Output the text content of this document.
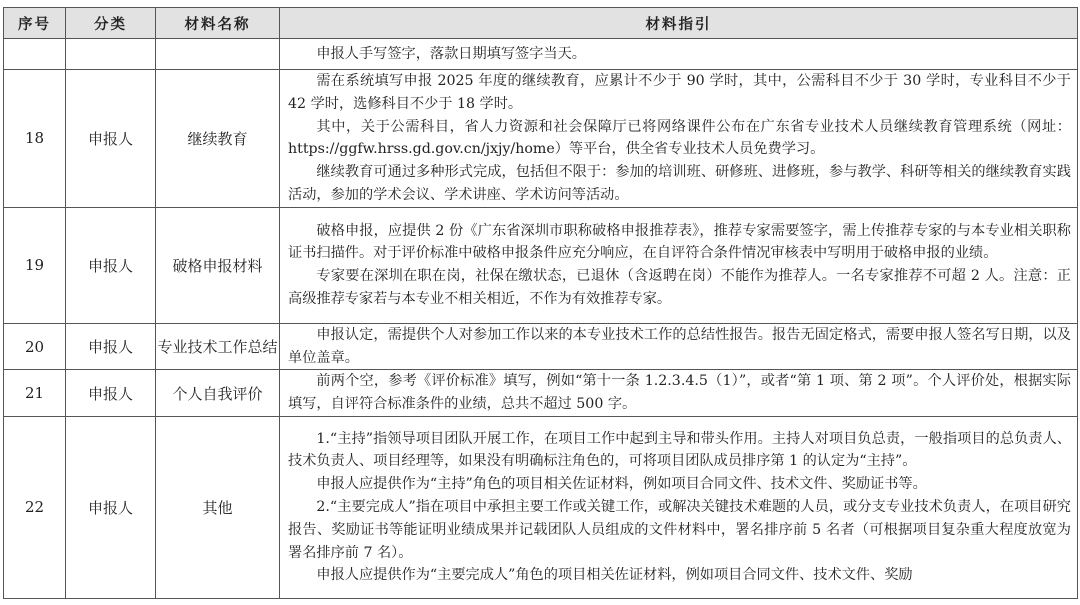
序号	分类	材料名称	材料指引

			申报人手写签字，落款日期填写签字当天。

18	申报人	继续教育	需在系统填写申报 2025 年度的继续教育，应累计不少于 90 学时，其中，公需科目不少于 30 学时，专业科目不少于 42 学时，选修科目不少于 18 学时。

其中，关于公需科目，省人力资源和社会保障厅已将网络课件公布在广东省专业技术人员继续教育管理系统（网址：https://ggfw.hrss.gd.gov.cn/jxjy/home）等平台，供全省专业技术人员免费学习。

继续教育可通过多种形式完成，包括但不限于：参加的培训班、研修班、进修班，参与教学、科研等相关的继续教育实践活动，参加的学术会议、学术讲座、学术访问等活动。

19	申报人	破格申报材料	破格申报，应提供 2 份《广东省深圳市职称破格申报推荐表》，推荐专家需要签字，需上传推荐专家的与本专业相关职称证书扫描件。对于评价标准中破格申报条件应充分响应，在自评符合条件情况审核表中写明用于破格申报的业绩。

专家要在深圳在职在岗，社保在缴状态，已退休（含返聘在岗）不能作为推荐人。一名专家推荐不可超 2 人。注意：正高级推荐专家若与本专业不相关相近，不作为有效推荐专家。

20	申报人	专业技术工作总结	申报认定，需提供个人对参加工作以来的本专业技术工作的总结性报告。报告无固定格式，需要申报人签名写日期，以及单位盖章。

21	申报人	个人自我评价	前两个空，参考《评价标准》填写，例如“第十一条 1.2.3.4.5（1）”，或者“第 1 项、第 2 项”。个人评价处，根据实际填写，自评符合标准条件的业绩，总共不超过 500 字。

22	申报人	其他	1.“主持”指领导项目团队开展工作，在项目工作中起到主导和带头作用。主持人对项目负总责，一般指项目的总负责人、技术负责人、项目经理等，如果没有明确标注角色的，可将项目团队成员排序第 1 的认定为“主持”。

申报人应提供作为“主持”角色的项目相关佐证材料，例如项目合同文件、技术文件、奖励证书等。

2.“主要完成人”指在项目中承担主要工作或关键工作，或解决关键技术难题的人员，或分支专业技术负责人，在项目研究报告、奖励证书等能证明业绩成果并记载团队人员组成的文件材料中，署名排序前 5 名者（可根据项目复杂重大程度放宽为署名排序前 7 名）。

申报人应提供作为“主要完成人”角色的项目相关佐证材料，例如项目合同文件、技术文件、奖励
